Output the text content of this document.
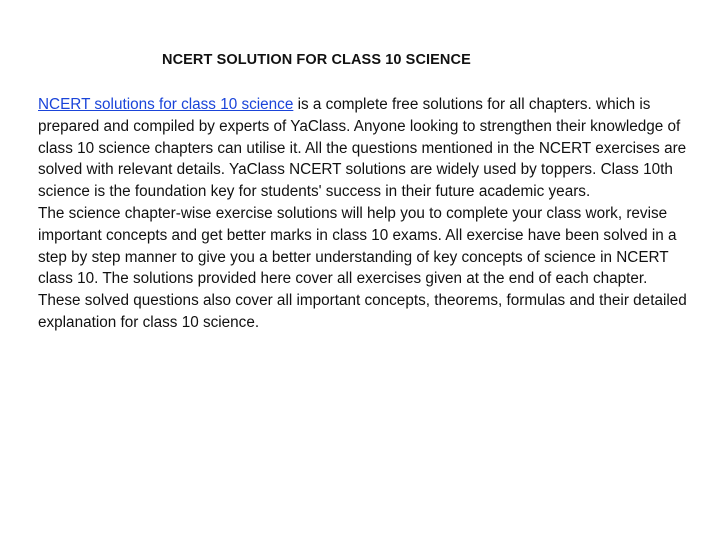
NCERT SOLUTION FOR CLASS 10 SCIENCE

NCERT solutions for class 10 science is a complete free solutions for all chapters. which is prepared and compiled by experts of YaClass. Anyone looking to strengthen their knowledge of class 10 science chapters can utilise it. All the questions mentioned in the NCERT exercises are solved with relevant details. YaClass NCERT solutions are widely used by toppers. Class 10th science is the foundation key for students' success in their future academic years.

The science chapter-wise exercise solutions will help you to complete your class work, revise important concepts and get better marks in class 10 exams. All exercise have been solved in a step by step manner to give you a better understanding of key concepts of science in NCERT class 10. The solutions provided here cover all exercises given at the end of each chapter. These solved questions also cover all important concepts, theorems, formulas and their detailed explanation for class 10 science.
